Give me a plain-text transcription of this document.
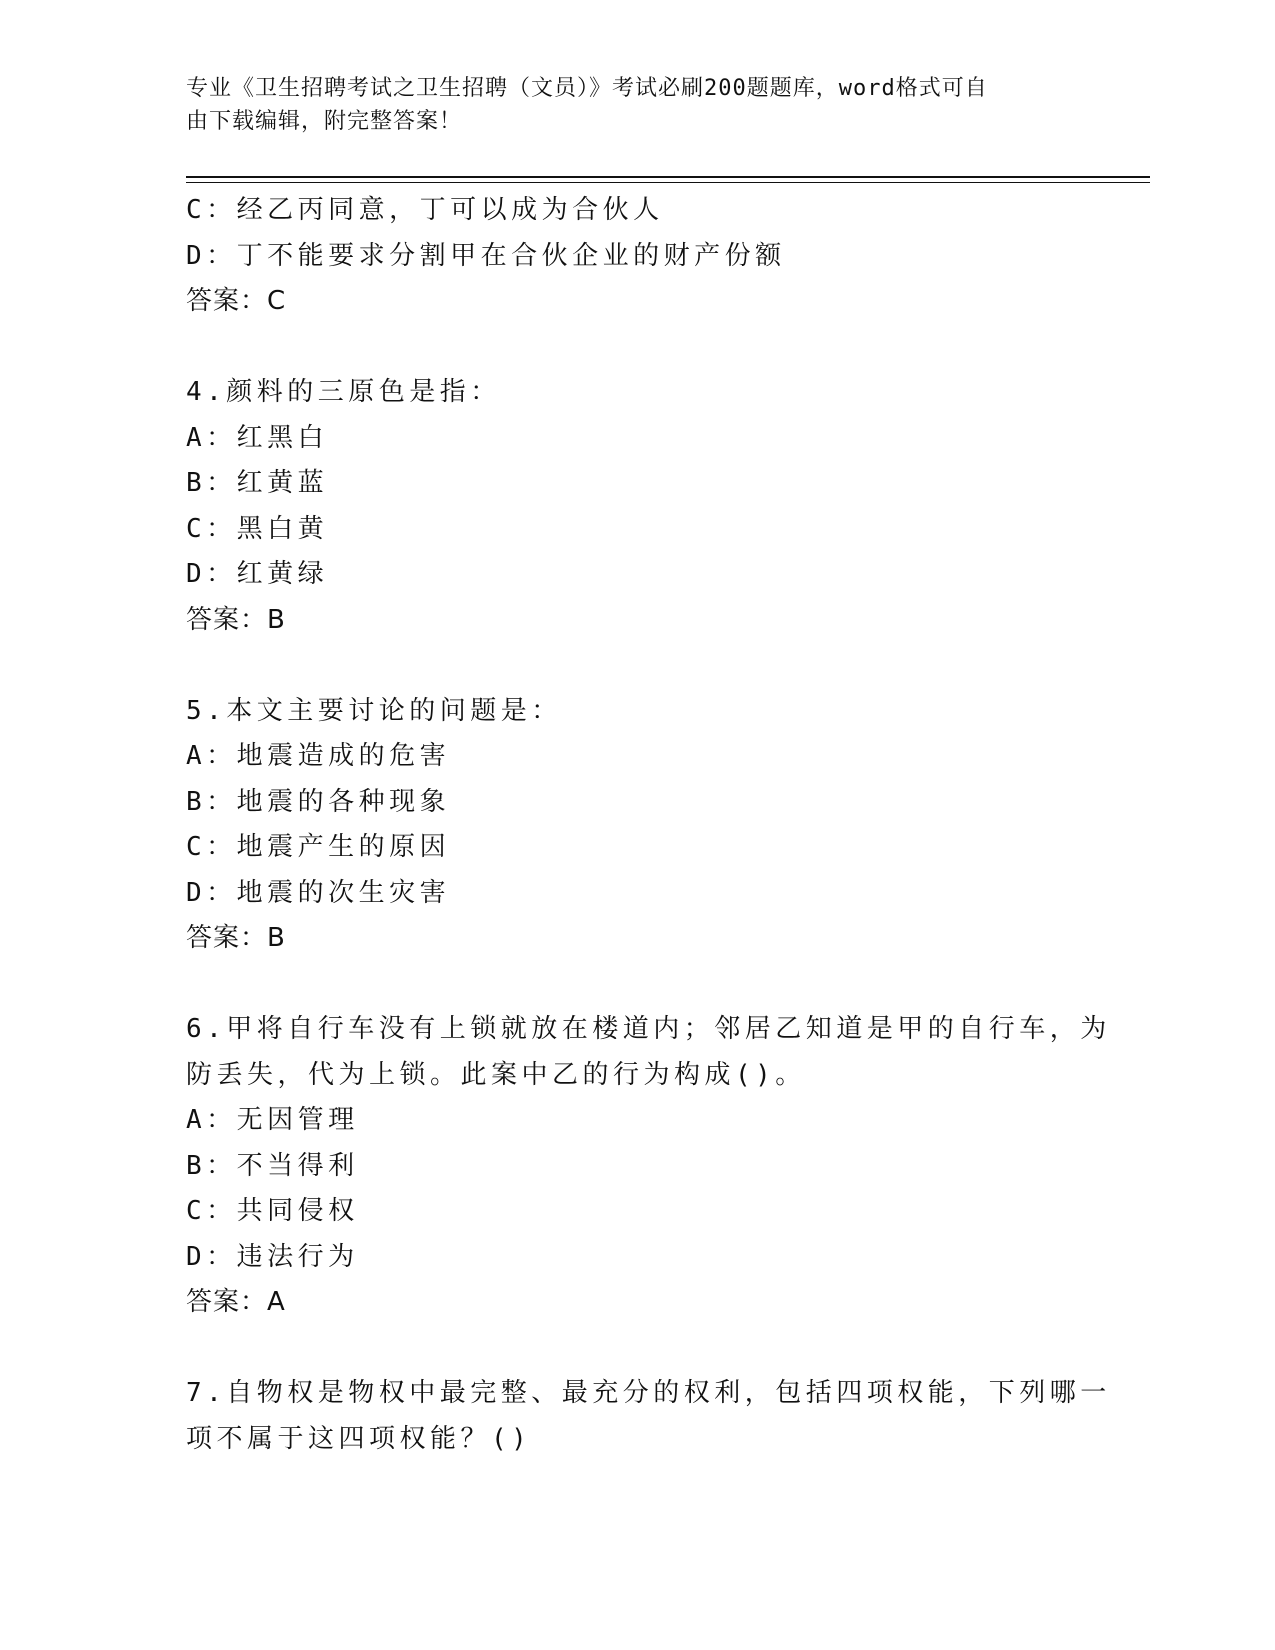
专业《卫生招聘考试之卫生招聘（文员）》考试必刷200题题库，word格式可自
由下载编辑，附完整答案！
C：经乙丙同意，丁可以成为合伙人
D：丁不能要求分割甲在合伙企业的财产份额
答案：C
4.颜料的三原色是指：
A：红黑白
B：红黄蓝
C：黑白黄
D：红黄绿
答案：B
5.本文主要讨论的问题是：
A：地震造成的危害
B：地震的各种现象
C：地震产生的原因
D：地震的次生灾害
答案：B
6.甲将自行车没有上锁就放在楼道内；邻居乙知道是甲的自行车，为
防丢失，代为上锁。此案中乙的行为构成()。
A：无因管理
B：不当得利
C：共同侵权
D：违法行为
答案：A
7.自物权是物权中最完整、最充分的权利，包括四项权能，下列哪一
项不属于这四项权能？()
